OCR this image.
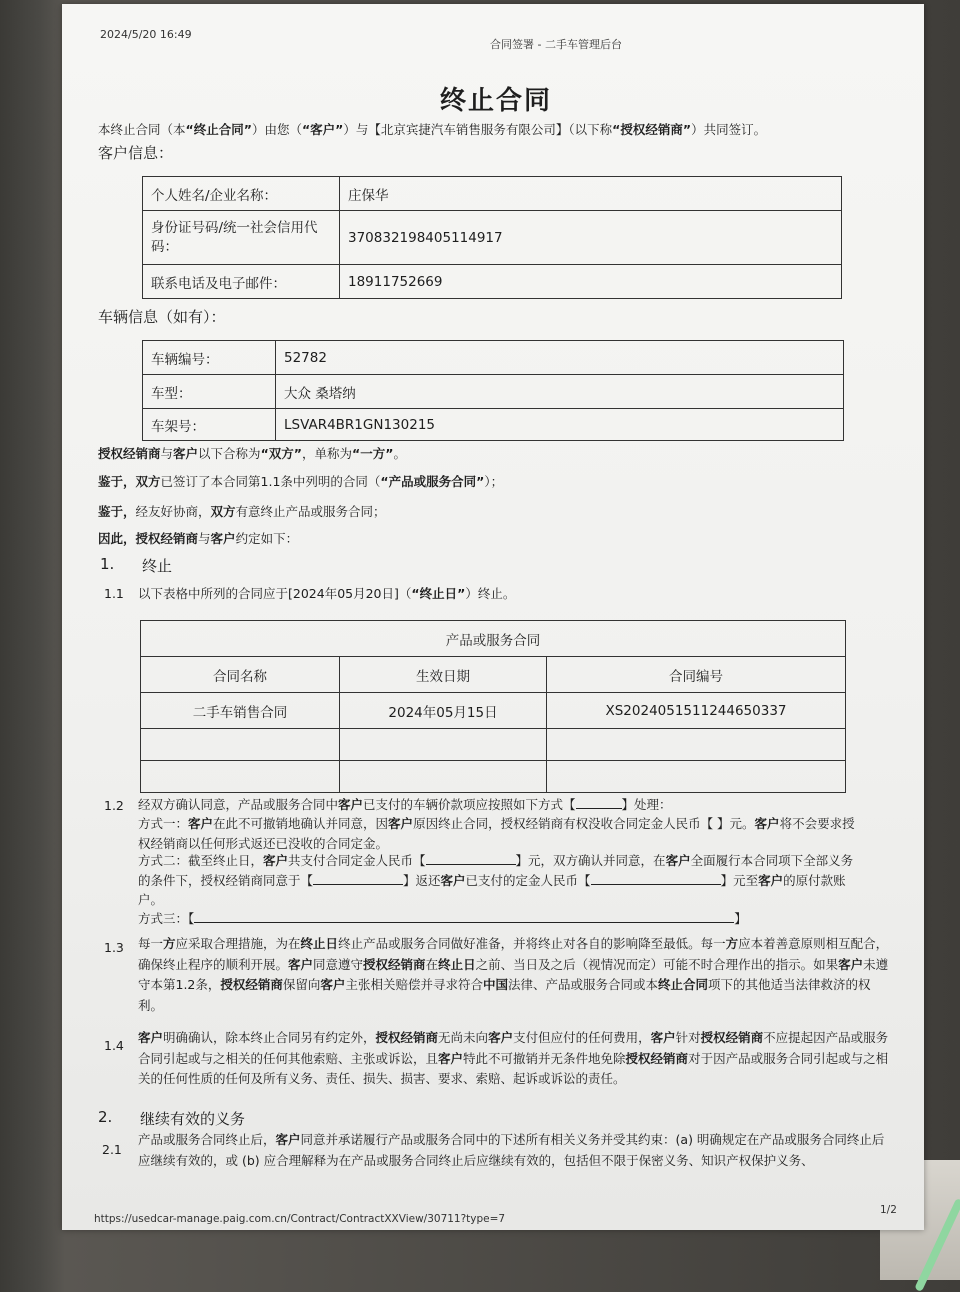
2024/5/20 16:49
合同签署 - 二手车管理后台
终止合同
本终止合同（本“终止合同”）由您（“客户”）与【北京宾捷汽车销售服务有限公司】（以下称“授权经销商”）共同签订。
客户信息：
个人姓名/企业名称：	庄保华
身份证号码/统一社会信用代码：	370832198405114917
联系电话及电子邮件：	18911752669
车辆信息（如有）：
车辆编号：	52782
车型：	大众 桑塔纳
车架号：	LSVAR4BR1GN130215
授权经销商与客户以下合称为“双方”，单称为“一方”。
鉴于，双方已签订了本合同第1.1条中列明的合同（“产品或服务合同”）；
鉴于，经友好协商，双方有意终止产品或服务合同；
因此，授权经销商与客户约定如下：
1. 终止
1.1 以下表格中所列的合同应于[2024年05月20日]（“终止日”）终止。
产品或服务合同		
合同名称	生效日期	合同编号
二手车销售合同	2024年05月15日	XS2024051511244650337

1.2 经双方确认同意，产品或服务合同中客户已支付的车辆价款项应按照如下方式【	】处理：
方式一：客户在此不可撤销地确认并同意，因客户原因终止合同，授权经销商有权没收合同定金人民币【 】元。客户将不会要求授
权经销商以任何形式返还已没收的合同定金。
方式二：截至终止日，客户共支付合同定金人民币【	】元，双方确认并同意，在客户全面履行本合同项下全部义务
的条件下，授权经销商同意于【	】返还客户已支付的定金人民币【	】元至客户的原付款账
户。
方式三：【	】
1.3 每一方应采取合理措施，为在终止日终止产品或服务合同做好准备，并将终止对各自的影响降至最低。每一方应本着善意原则相互配合，确保终止程序的顺利开展。客户同意遵守授权经销商在终止日之前、当日及之后（视情况而定）可能不时合理作出的指示。如果客户未遵守本第1.2条，授权经销商保留向客户主张相关赔偿并寻求符合中国法律、产品或服务合同或本终止合同项下的其他适当法律救济的权利。
1.4
客户明确确认，除本终止合同另有约定外，授权经销商无尚未向客户支付但应付的任何费用，客户针对授权经销商不应提起因产品或服务合同引起或与之相关的任何其他索赔、主张或诉讼，且客户特此不可撤销并无条件地免除授权经销商对于因产品或服务合同引起或与之相关的任何性质的任何及所有义务、责任、损失、损害、要求、索赔、起诉或诉讼的责任。
2. 继续有效的义务
2.1
产品或服务合同终止后，客户同意并承诺履行产品或服务合同中的下述所有相关义务并受其约束：(a) 明确规定在产品或服务合同终止后应继续有效的，或 (b) 应合理解释为在产品或服务合同终止后应继续有效的，包括但不限于保密义务、知识产权保护义务、
https://usedcar-manage.paig.com.cn/Contract/ContractXXView/30711?type=7
1/2
